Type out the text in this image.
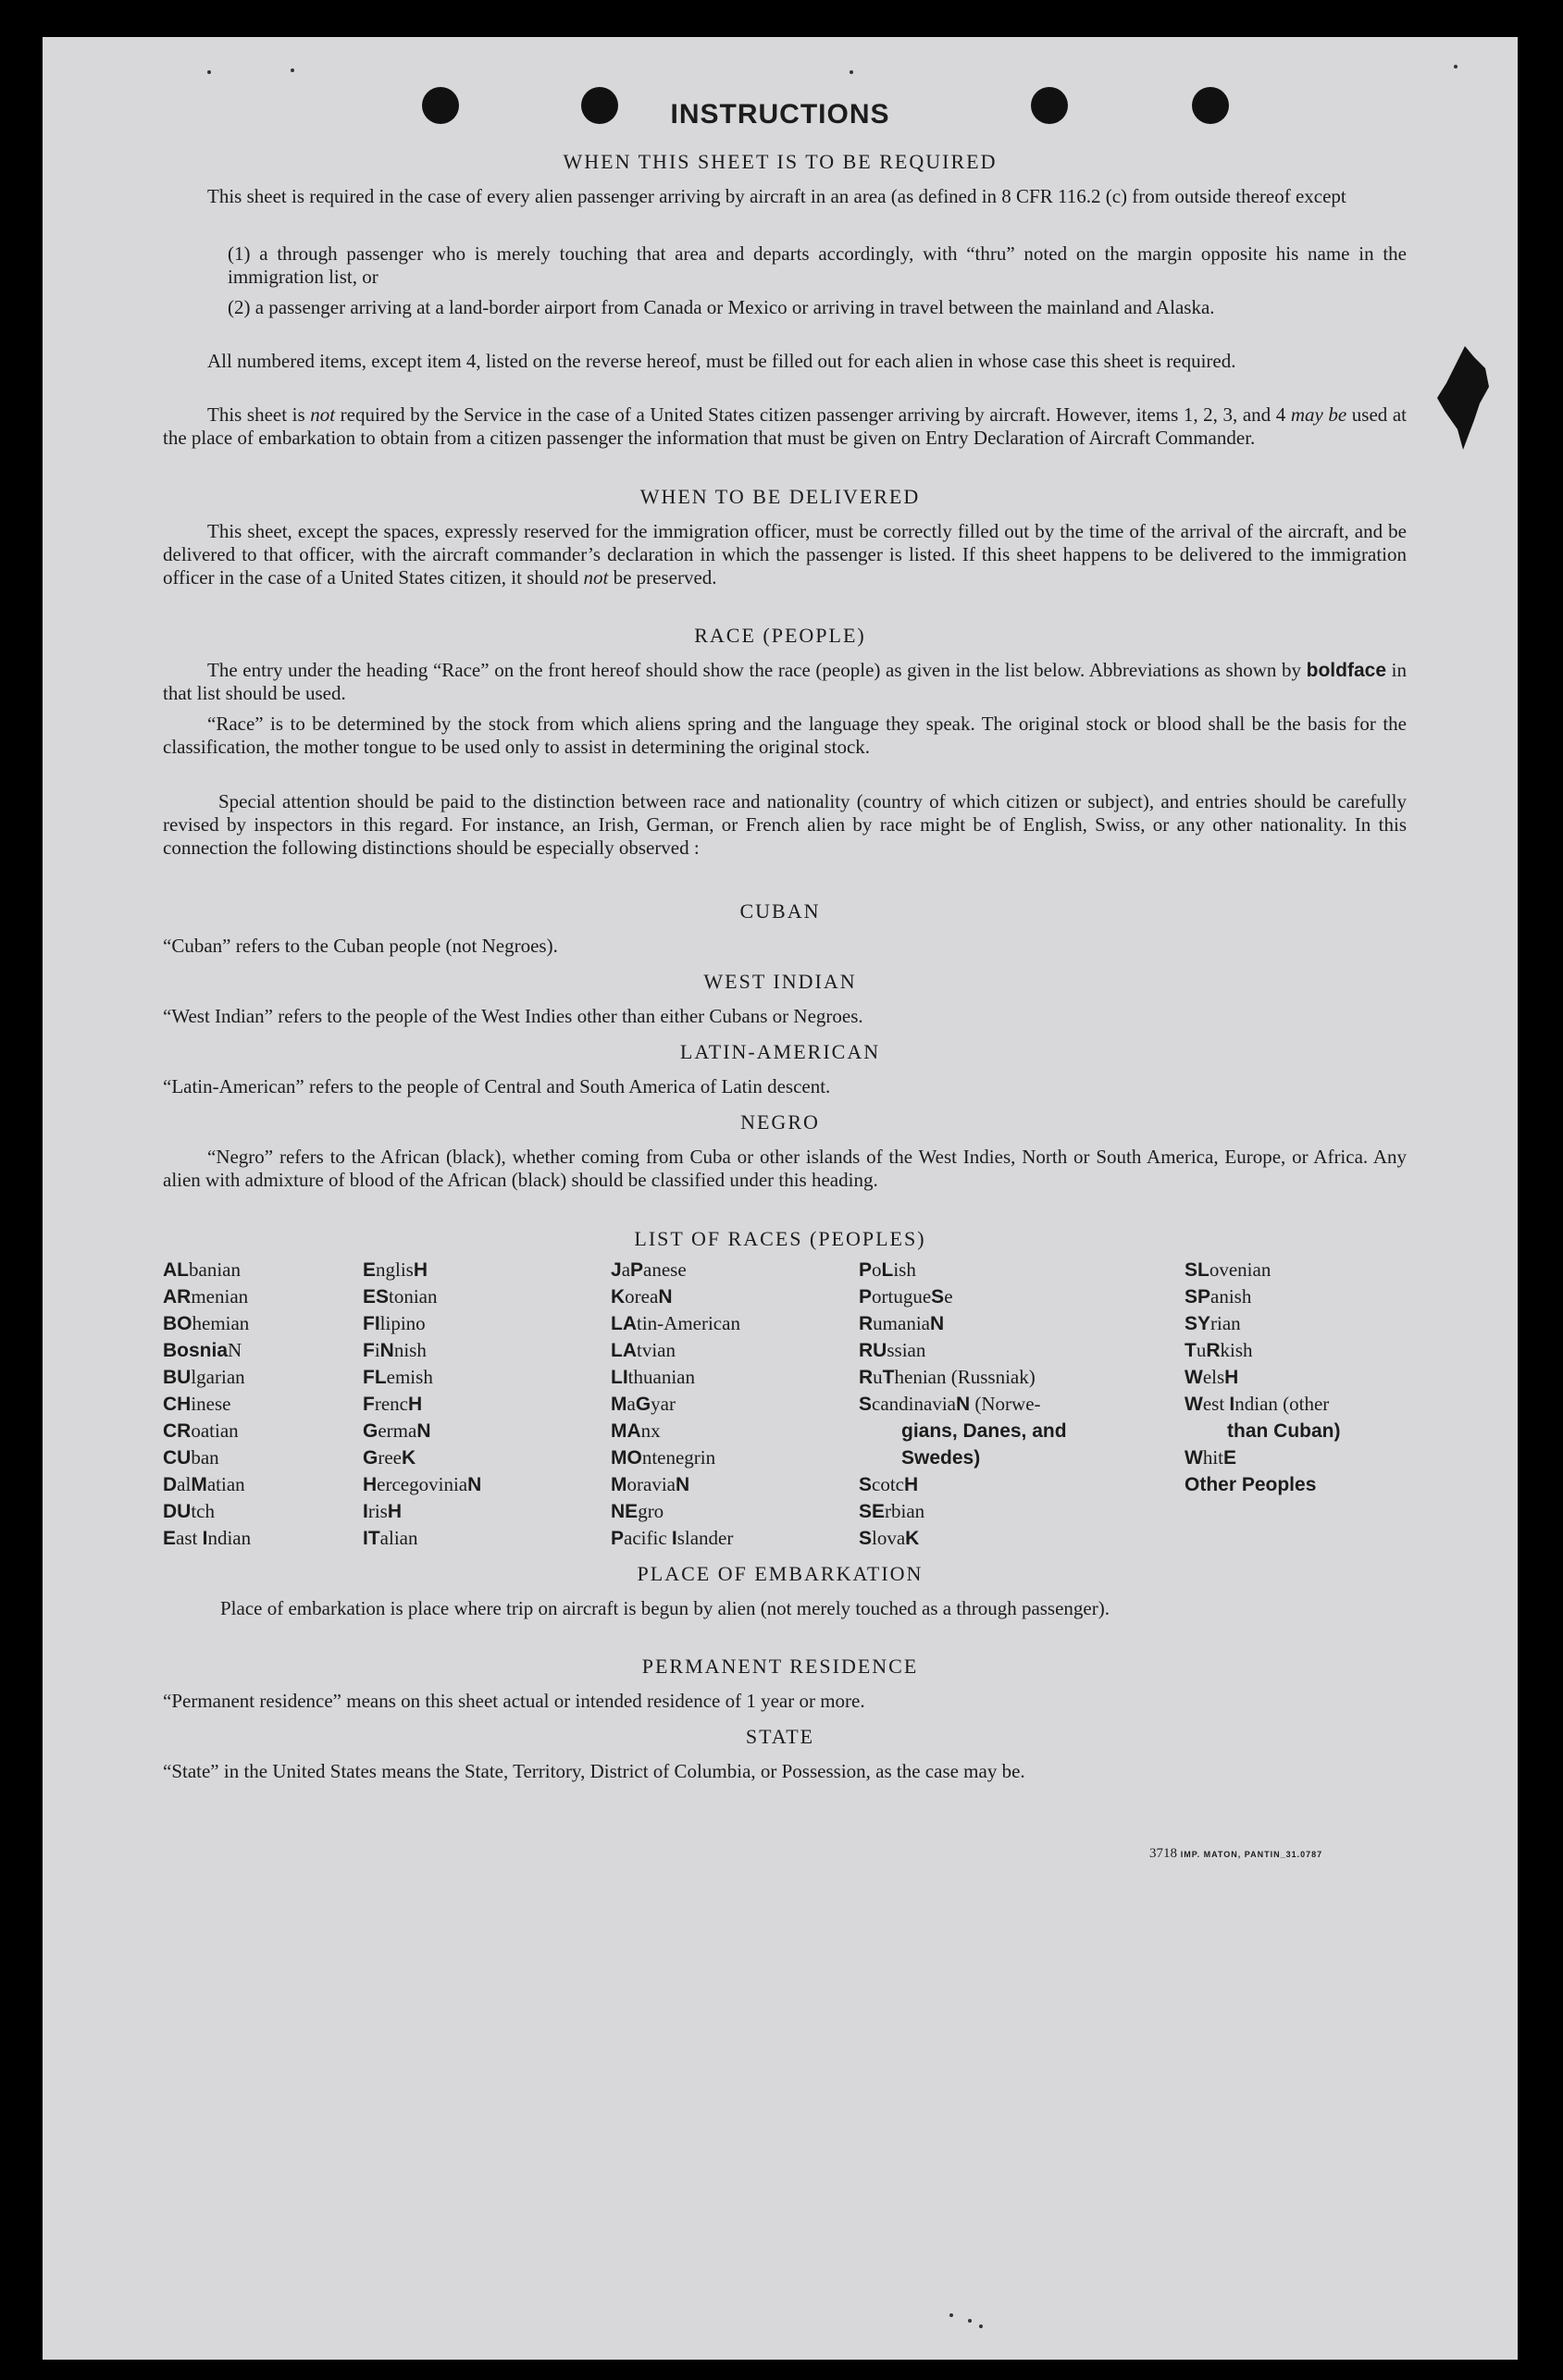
INSTRUCTIONS
WHEN THIS SHEET IS TO BE REQUIRED
This sheet is required in the case of every alien passenger arriving by aircraft in an area (as defined in 8 CFR 116.2 (c) from outside thereof except
(1) a through passenger who is merely touching that area and departs accordingly, with “thru” noted on the margin opposite his name in the immigration list, or
(2) a passenger arriving at a land-border airport from Canada or Mexico or arriving in travel between the mainland and Alaska.
All numbered items, except item 4, listed on the reverse hereof, must be filled out for each alien in whose case this sheet is required.
This sheet is not required by the Service in the case of a United States citizen passenger arriving by aircraft. However, items 1, 2, 3, and 4 may be used at the place of embarkation to obtain from a citizen passenger the information that must be given on Entry Declaration of Aircraft Commander.
WHEN TO BE DELIVERED
This sheet, except the spaces, expressly reserved for the immigration officer, must be correctly filled out by the time of the arrival of the aircraft, and be delivered to that officer, with the aircraft commander’s declaration in which the passenger is listed. If this sheet happens to be delivered to the immigration officer in the case of a United States citizen, it should not be preserved.
RACE (PEOPLE)
The entry under the heading “Race” on the front hereof should show the race (people) as given in the list below. Abbreviations as shown by boldface in that list should be used.
“Race” is to be determined by the stock from which aliens spring and the language they speak. The original stock or blood shall be the basis for the classification, the mother tongue to be used only to assist in determining the original stock.
Special attention should be paid to the distinction between race and nationality (country of which citizen or subject), and entries should be carefully revised by inspectors in this regard. For instance, an Irish, German, or French alien by race might be of English, Swiss, or any other nationality. In this connection the following distinctions should be especially observed :
CUBAN
“Cuban” refers to the Cuban people (not Negroes).
WEST INDIAN
“West Indian” refers to the people of the West Indies other than either Cubans or Negroes.
LATIN-AMERICAN
“Latin-American” refers to the people of Central and South America of Latin descent.
NEGRO
“Negro” refers to the African (black), whether coming from Cuba or other islands of the West Indies, North or South America, Europe, or Africa. Any alien with admixture of blood of the African (black) should be classified under this heading.
LIST OF RACES (PEOPLES)
ALbanian
ARmenian
BOhemian
BosniaN
BUlgarian
CHinese
CRoatian
CUban
DalMatian
DUtch
East Indian
EnglisH
EStonian
FIlipino
FiNnish
FLemish
FrencH
GermaN
GreeK
HercegoviniaN
IrisH
ITalian
JaPanese
KoreaN
LAtin-American
LAtvian
LIthuanian
MaGyar
MAnx
MOntenegrin
MoraviaN
NEgro
Pacific Islander
PoLish
PortugueSe
RumaniaN
RUssian
RuThenian (Russniak)
ScandinaviaN (Norwe-
gians, Danes, and
Swedes)
ScotcH
SErbian
SlovaK
SLovenian
SPanish
SYrian
TuRkish
WelsH
West Indian (other
than Cuban)
WhitE
Other Peoples
PLACE OF EMBARKATION
Place of embarkation is place where trip on aircraft is begun by alien (not merely touched as a through passenger).
PERMANENT RESIDENCE
“Permanent residence” means on this sheet actual or intended residence of 1 year or more.
STATE
“State” in the United States means the State, Territory, District of Columbia, or Possession, as the case may be.
3718 IMP. MATON, PANTIN_31.0787
